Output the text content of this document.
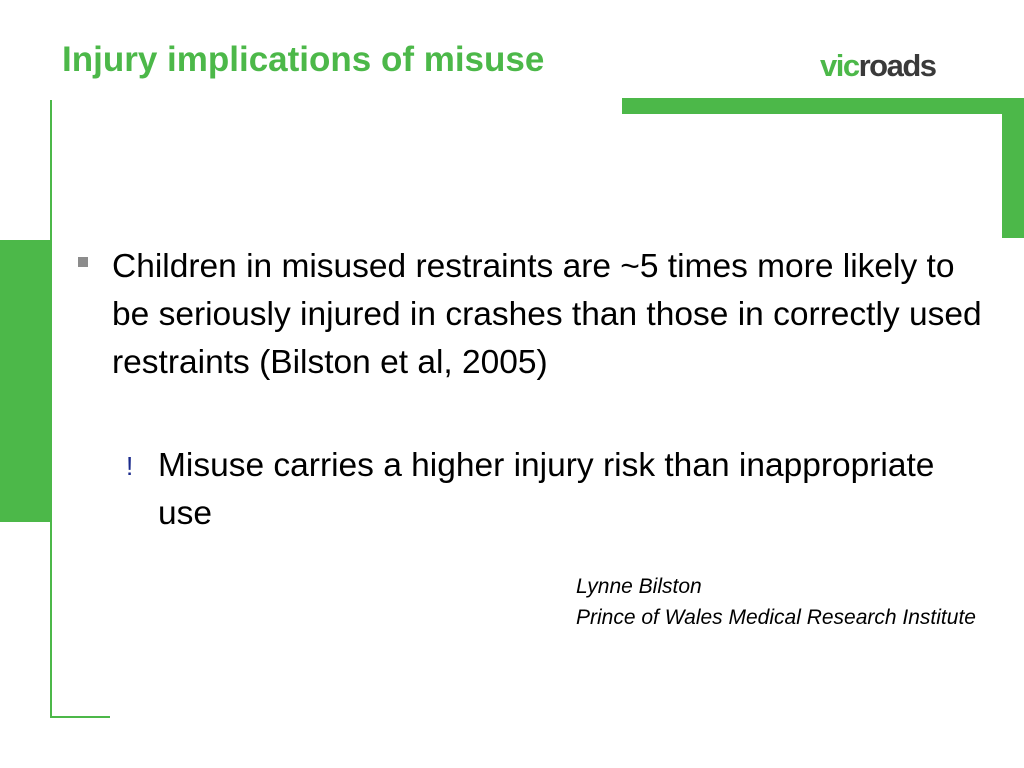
Injury implications of misuse	vicroads
Children in misused restraints are ~5 times more likely to be seriously injured in crashes than those in correctly used restraints (Bilston et al, 2005)
! Misuse carries a higher injury risk than inappropriate use
Lynne Bilston
Prince of Wales Medical Research Institute
